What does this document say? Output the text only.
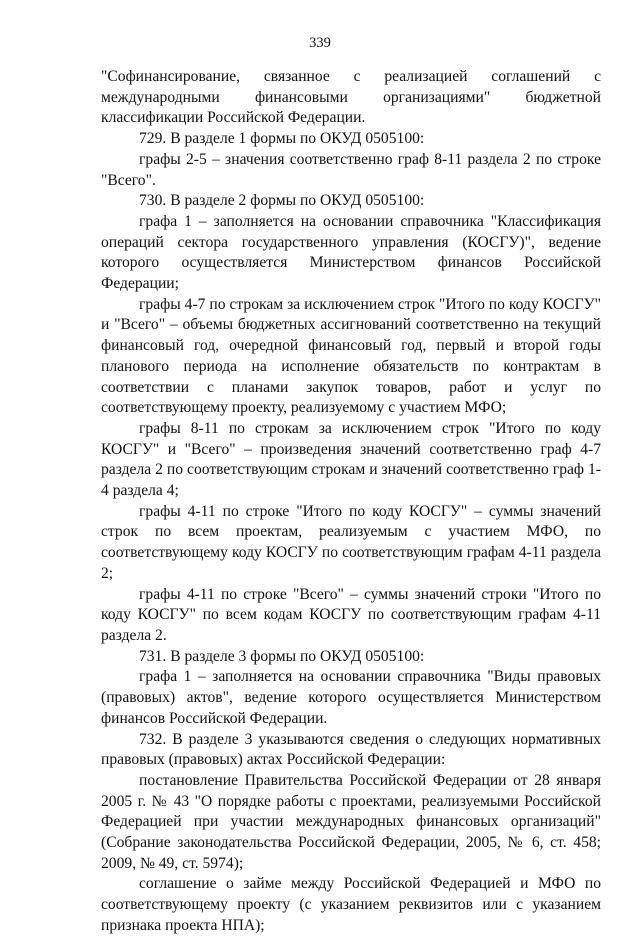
339

"Софинансирование, связанное с реализацией соглашений с международными финансовыми организациями" бюджетной классификации Российской Федерации.

729. В разделе 1 формы по ОКУД 0505100:

графы 2-5 – значения соответственно граф 8-11 раздела 2 по строке "Всего".

730. В разделе 2 формы по ОКУД 0505100:

графа 1 – заполняется на основании справочника "Классификация операций сектора государственного управления (КОСГУ)", ведение которого осуществляется Министерством финансов Российской Федерации;

графы 4-7 по строкам за исключением строк "Итого по коду КОСГУ" и "Всего" – объемы бюджетных ассигнований соответственно на текущий финансовый год, очередной финансовый год, первый и второй годы планового периода на исполнение обязательств по контрактам в соответствии с планами закупок товаров, работ и услуг по соответствующему проекту, реализуемому с участием МФО;

графы 8-11 по строкам за исключением строк "Итого по коду КОСГУ" и "Всего" – произведения значений соответственно граф 4-7 раздела 2 по соответствующим строкам и значений соответственно граф 1-4 раздела 4;

графы 4-11 по строке "Итого по коду КОСГУ" – суммы значений строк по всем проектам, реализуемым с участием МФО, по соответствующему коду КОСГУ по соответствующим графам 4-11 раздела 2;

графы 4-11 по строке "Всего" – суммы значений строки "Итого по коду КОСГУ" по всем кодам КОСГУ по соответствующим графам 4-11 раздела 2.

731. В разделе 3 формы по ОКУД 0505100:

графа 1 – заполняется на основании справочника "Виды правовых (правовых) актов", ведение которого осуществляется Министерством финансов Российской Федерации.

732. В разделе 3 указываются сведения о следующих нормативных правовых (правовых) актах Российской Федерации:

постановление Правительства Российской Федерации от 28 января 2005 г. № 43 "О порядке работы с проектами, реализуемыми Российской Федерацией при участии международных финансовых организаций" (Собрание законодательства Российской Федерации, 2005, № 6, ст. 458; 2009, № 49, ст. 5974);

соглашение о займе между Российской Федерацией и МФО по соответствующему проекту (с указанием реквизитов или с указанием признака проекта НПА);
